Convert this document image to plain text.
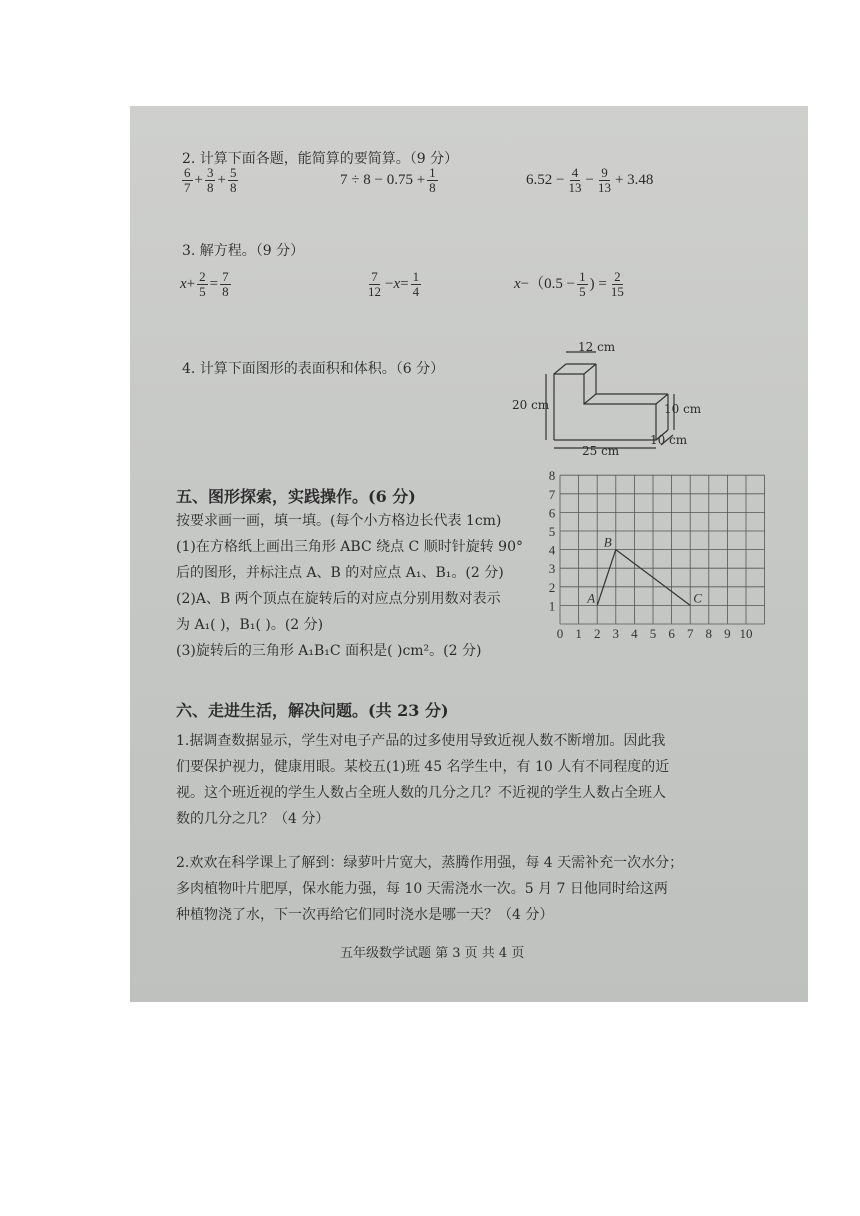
2. 计算下面各题，能简算的要简算。（9 分）
$\frac{6}{7} + \frac{3}{8} + \frac{5}{8}$	$7 \div 8 - 0.75 + \frac{1}{8}$	$6.52 - \frac{4}{13} - \frac{9}{13} + 3.48$
3. 解方程。（9 分）
$x+ \frac{2}{5} = \frac{7}{8}$	$\frac{7}{12} -x= \frac{1}{4}$	$x-(0.5 - \frac{1}{5}$ ) = $\frac{2}{15}$
4. 计算下面图形的表面积和体积。（6 分）
12 cm
20 cm	10 cm
10 cm
25 cm
五、图形探索，实践操作。(6 分)
按要求画一画，填一填。(每个小方格边长代表 1cm)
(1)在方格纸上画出三角形 ABC 绕点 C 顺时针旋转 90°
后的图形，并标注点 A、B 的对应点 A₁、B₁。(2 分)
(2)A、B 两个顶点在旋转后的对应点分别用数对表示
为 A₁( )，B₁( )。(2 分)
(3)旋转后的三角形 A₁B₁C 面积是( )cm²。(2 分)
0 1 2 3 4 5 6 7 8 9 10
1
2
3
4
5
6
7
8
A
B
C
六、走进生活，解决问题。(共 23 分)
1.据调查数据显示，学生对电子产品的过多使用导致近视人数不断增加。因此我
们要保护视力，健康用眼。某校五(1)班 45 名学生中，有 10 人有不同程度的近
视。这个班近视的学生人数占全班人数的几分之几？不近视的学生人数占全班人
数的几分之几？（4 分）
2.欢欢在科学课上了解到：绿萝叶片宽大，蒸腾作用强，每 4 天需补充一次水分；
多肉植物叶片肥厚，保水能力强，每 10 天需浇水一次。5 月 7 日他同时给这两
种植物浇了水，下一次再给它们同时浇水是哪一天？（4 分）
五年级数学试题 第 3 页 共 4 页
